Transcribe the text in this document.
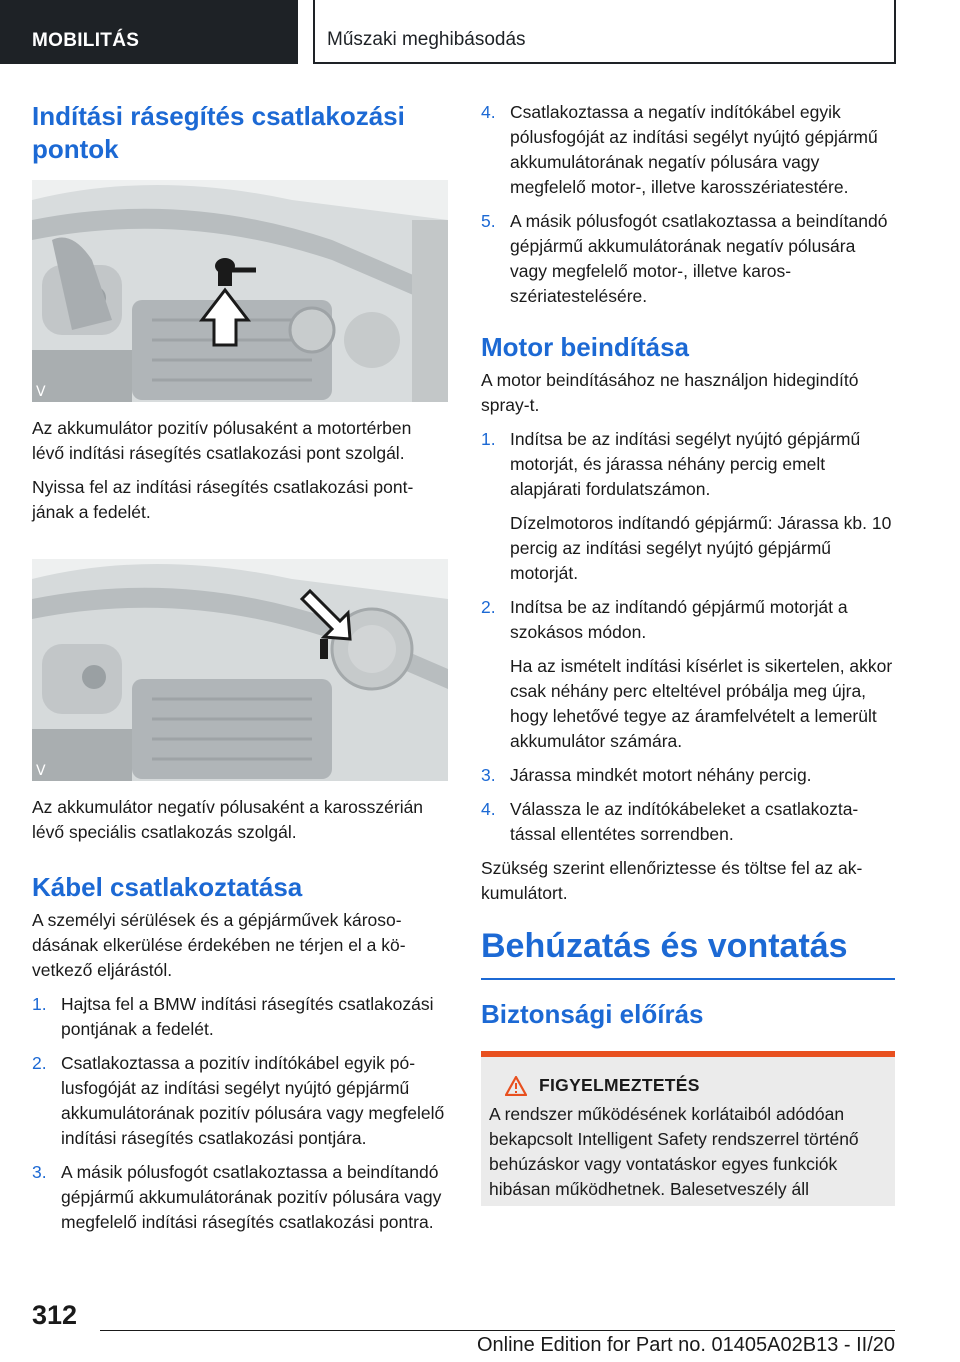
MOBILITÁS	Műszaki meghibásodás
Indítási rásegítés csatlakozási pontok
V

Az akkumulátor pozitív pólusaként a motortérben lévő indítási rásegítés csatlakozási pont szolgál.

Nyissa fel az indítási rásegítés csatlakozási pontjának a fedelét.

V

Az akkumulátor negatív pólusaként a karosszérián lévő speciális csatlakozás szolgál.

Kábel csatlakoztatása

A személyi sérülések és a gépjárművek károsodásának elkerülése érdekében ne térjen el a következő eljárástól.

1. Hajtsa fel a BMW indítási rásegítés csatlakozási pontjának a fedelét.
2. Csatlakoztassa a pozitív indítókábel egyik pólusfogóját az indítási segélyt nyújtó gépjármű akkumulátorának pozitív pólusára vagy megfelelő indítási rásegítés csatlakozási pontjára.
3. A másik pólusfogót csatlakoztassa a beindítandó gépjármű akkumulátorának pozitív pólusára vagy megfelelő indítási rásegítés csatlakozási pontra.
4. Csatlakoztassa a negatív indítókábel egyik pólusfogóját az indítási segélyt nyújtó gépjármű akkumulátorának negatív pólusára vagy megfelelő motor-, illetve karosszériatestére.
5. A másik pólusfogót csatlakoztassa a beindítandó gépjármű akkumulátorának negatív pólusára vagy megfelelő motor-, illetve karosszériatestelésére.
Motor beindítása

A motor beindításához ne használjon hidegindító spray-t.

1. Indítsa be az indítási segélyt nyújtó gépjármű motorját, és járassa néhány percig emelt alapjárati fordulatszámon.
Dízelmotoros indítandó gépjármű: Járassa kb. 10 percig az indítási segélyt nyújtó gépjármű motorját.
2. Indítsa be az indítandó gépjármű motorját a szokásos módon.
Ha az ismételt indítási kísérlet is sikertelen, akkor csak néhány perc elteltével próbálja meg újra, hogy lehetővé tegye az áramfelvételt a lemerült akkumulátor számára.
3. Járassa mindkét motort néhány percig.
4. Válassza le az indítókábeleket a csatlakoztatással ellentétes sorrendben.

Szükség szerint ellenőriztesse és töltse fel az akkumulátort.

Behúzatás és vontatás
Biztonsági előírás
FIGYELMEZTETÉS

A rendszer működésének korlátaiból adódóan bekapcsolt Intelligent Safety rendszerrel történő behúzáskor vagy vontatáskor egyes funkciók hibásan működhetnek. Balesetveszély áll

312
Online Edition for Part no. 01405A02B13 - II/20
